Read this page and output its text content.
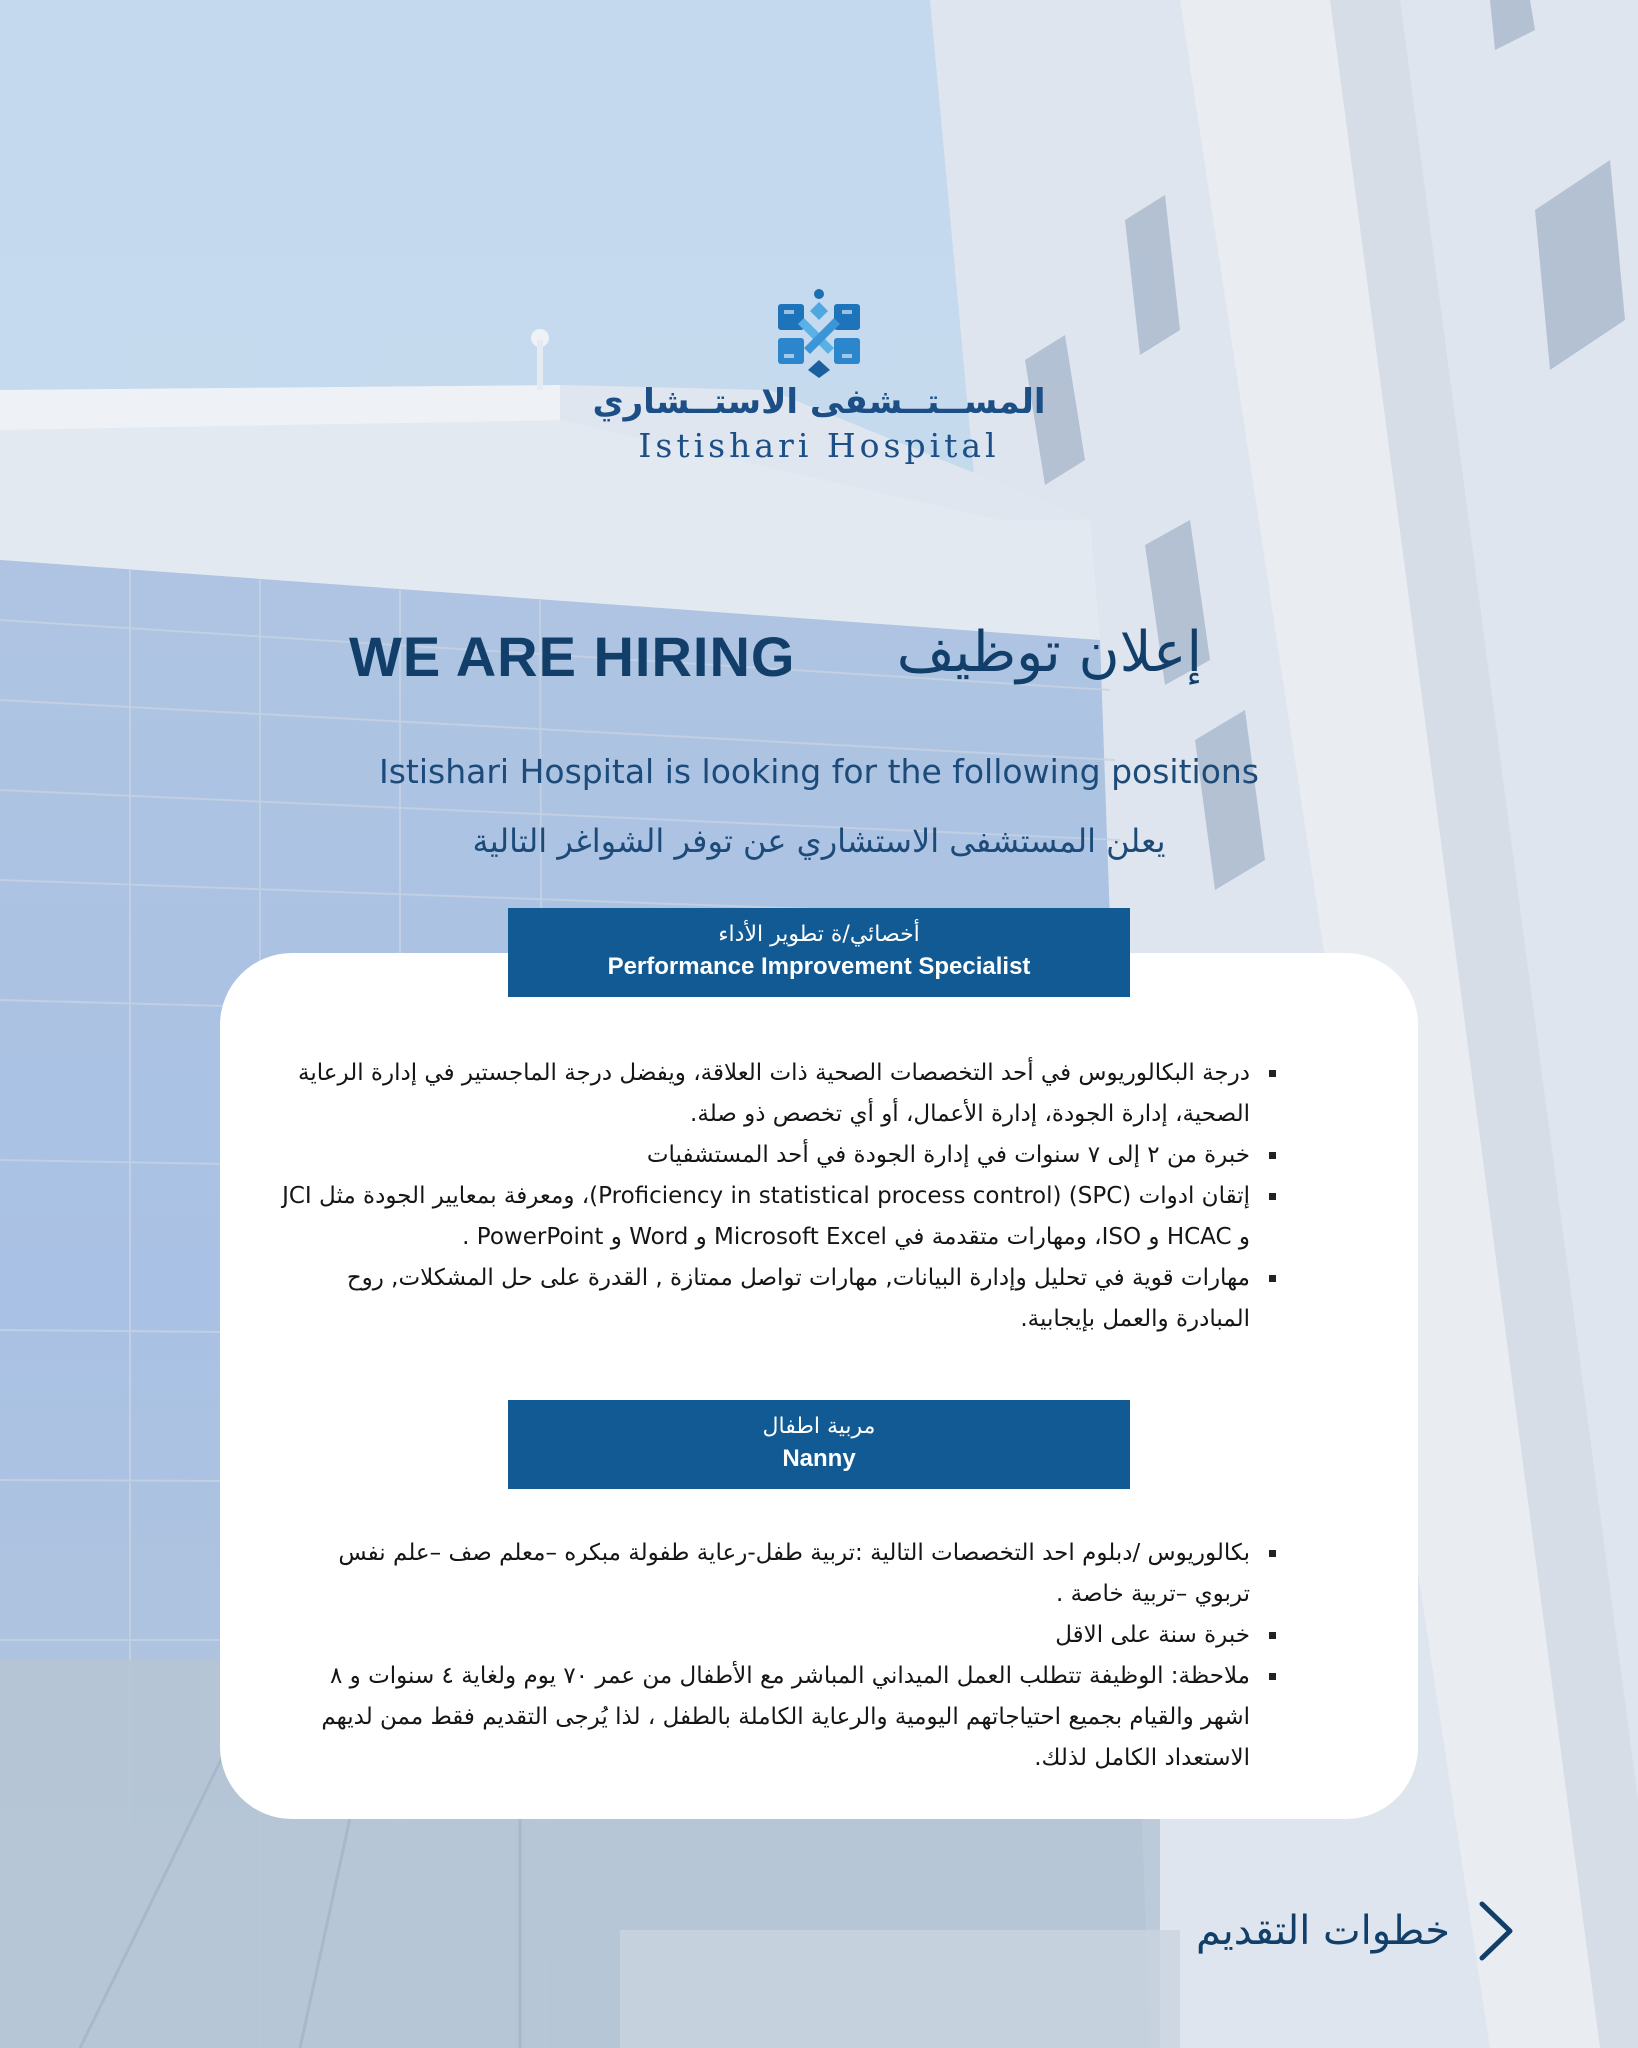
المســتــشفى الاستــشاري
Istishari Hospital
WE ARE HIRING إعلان توظيف
Istishari Hospital is looking for the following positions
يعلن المستشفى الاستشاري عن توفر الشواغر التالية
أخصائي/ة تطوير الأداء
Performance Improvement Specialist
درجة البكالوريوس في أحد التخصصات الصحية ذات العلاقة، ويفضل درجة الماجستير في إدارة الرعاية الصحية، إدارة الجودة، إدارة الأعمال، أو أي تخصص ذو صلة.
خبرة من ٢ إلى ٧ سنوات في إدارة الجودة في أحد المستشفيات
إتقان ادوات (SPC) (Proficiency in statistical process control)، ومعرفة بمعايير الجودة مثل JCI و HCAC و ISO، ومهارات متقدمة في Microsoft Excel و Word و PowerPoint .
مهارات قوية في تحليل وإدارة البيانات, مهارات تواصل ممتازة , القدرة على حل المشكلات, روح المبادرة والعمل بإيجابية.
مربية اطفال
Nanny
بكالوريوس /دبلوم احد التخصصات التالية :تربية طفل-رعاية طفولة مبكره –معلم صف –علم نفس تربوي –تربية خاصة .
خبرة سنة على الاقل
ملاحظة: الوظيفة تتطلب العمل الميداني المباشر مع الأطفال من عمر ٧٠ يوم ولغاية ٤ سنوات و ٨ اشهر والقيام بجميع احتياجاتهم اليومية والرعاية الكاملة بالطفل ، لذا يُرجى التقديم فقط ممن لديهم الاستعداد الكامل لذلك.
خطوات التقديم
